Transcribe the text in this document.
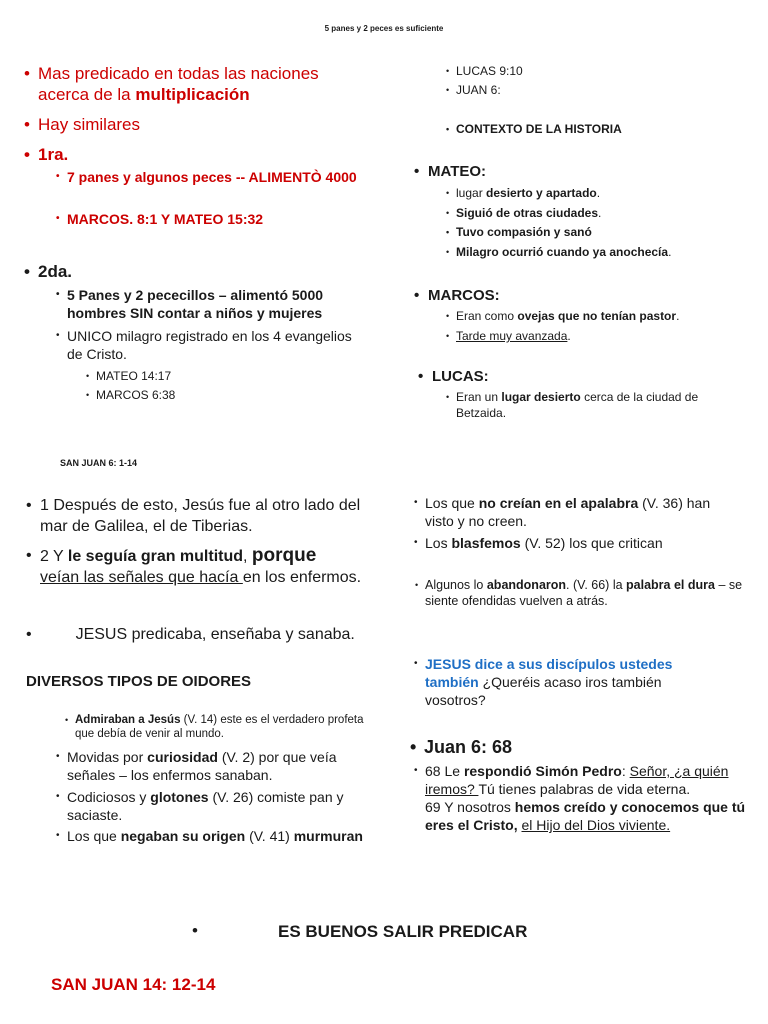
5 panes y 2 peces es suficiente
• Mas predicado en todas las naciones acerca de la multiplicación
• Hay similares
• 1ra.
• 7 panes y algunos peces -- ALIMENTÒ 4000
• MARCOS. 8:1 Y MATEO 15:32
• 2da.
• 5 Panes y 2 pececillos – alimentó 5000 hombres SIN contar a niños y mujeres
• UNICO milagro registrado en los 4 evangelios de Cristo.
• MATEO 14:17
• MARCOS 6:38
• LUCAS 9:10
• JUAN 6:
• CONTEXTO DE LA HISTORIA
• MATEO:
• lugar desierto y apartado.
• Siguió de otras ciudades.
• Tuvo compasión y sanó
• Milagro ocurrió cuando ya anochecía.
• MARCOS:
• Eran como ovejas que no tenían pastor.
• Tarde muy avanzada.
• LUCAS:
• Eran un lugar desierto cerca de la ciudad de Betzaida.
SAN JUAN 6: 1-14
• 1 Después de esto, Jesús fue al otro lado del mar de Galilea, el de Tiberias.
• 2 Y le seguía gran multitud, porque
veían las señales que hacía en los enfermos.
•         JESUS predicaba, enseñaba y sanaba.
DIVERSOS TIPOS DE OIDORES
• Admiraban a Jesús (V. 14) este es el verdadero profeta que debía de venir al mundo.
• Movidas por curiosidad (V. 2) por que veía señales – los enfermos sanaban.
• Codiciosos y glotones (V. 26) comiste pan y saciaste.
• Los que negaban su origen (V. 41) murmuran
• Los que no creían en el apalabra (V. 36) han visto y no creen.
• Los blasfemos (V. 52) los que critican
• Algunos lo abandonaron. (V. 66) la palabra el dura – se siente ofendidas vuelven a atrás.
• JESUS dice a sus discípulos ustedes también ¿Queréis acaso iros también vosotros?
• Juan 6: 68
• 68 Le respondió Simón Pedro: Señor, ¿a quién iremos? Tú tienes palabras de vida eterna.
69 Y nosotros hemos creído y conocemos que tú eres el Cristo, el Hijo del Dios viviente.
•	ES BUENOS SALIR PREDICAR
SAN JUAN 14: 12-14
